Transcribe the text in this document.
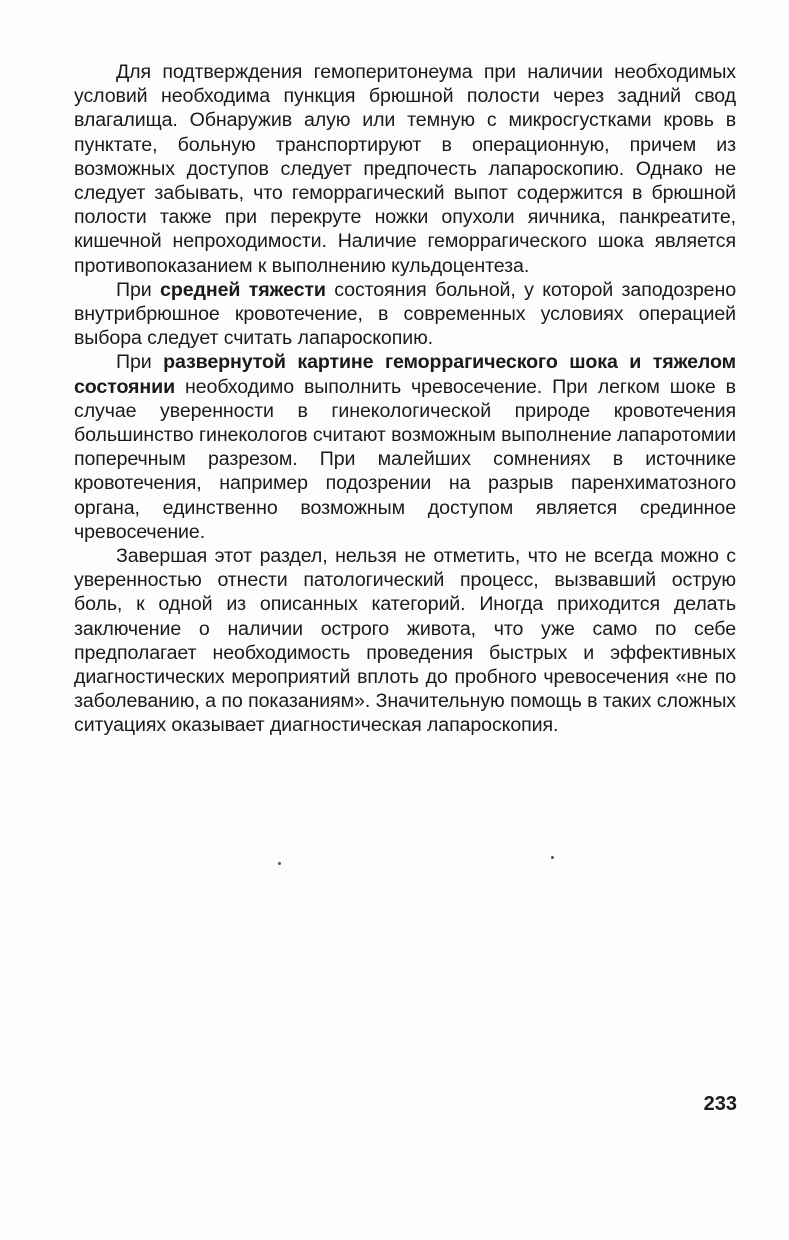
Для подтверждения гемоперитонеума при наличии необходимых условий необходима пункция брюшной полости через задний свод влагалища. Обнаружив алую или темную с микросгустками кровь в пунктате, больную транспортируют в операционную, причем из возможных доступов следует предпочесть лапароскопию. Однако не следует забывать, что геморрагический выпот содержится в брюшной полости также при перекруте ножки опухоли яичника, панкреатите, кишечной непроходимости. Наличие геморрагического шока является противопоказанием к выполнению кульдоцентеза.

При средней тяжести состояния больной, у которой заподозрено внутрибрюшное кровотечение, в современных условиях операцией выбора следует считать лапароскопию.

При развернутой картине геморрагического шока и тяжелом состоянии необходимо выполнить чревосечение. При легком шоке в случае уверенности в гинекологической природе кровотечения большинство гинекологов считают возможным выполнение лапаротомии поперечным разрезом. При малейших сомнениях в источнике кровотечения, например подозрении на разрыв паренхиматозного органа, единственно возможным доступом является срединное чревосечение.

Завершая этот раздел, нельзя не отметить, что не всегда можно с уверенностью отнести патологический процесс, вызвавший острую боль, к одной из описанных категорий. Иногда приходится делать заключение о наличии острого живота, что уже само по себе предполагает необходимость проведения быстрых и эффективных диагностических мероприятий вплоть до пробного чревосечения «не по заболеванию, а по показаниям». Значительную помощь в таких сложных ситуациях оказывает диагностическая лапароскопия.

233
